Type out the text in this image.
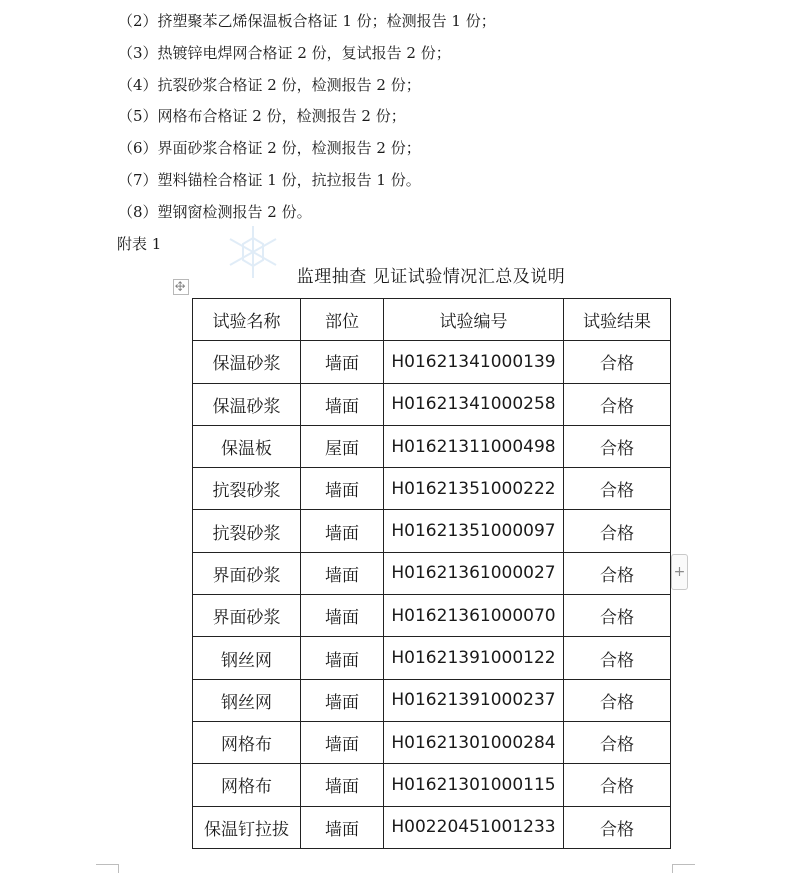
（2）挤塑聚苯乙烯保温板合格证 1 份；检测报告 1 份；
（3）热镀锌电焊网合格证 2 份，复试报告 2 份；
（4）抗裂砂浆合格证 2 份，检测报告 2 份；
（5）网格布合格证 2 份，检测报告 2 份；
（6）界面砂浆合格证 2 份，检测报告 2 份；
（7）塑料锚栓合格证 1 份，抗拉报告 1 份。
（8）塑钢窗检测报告 2 份。
附表 1
监理抽查 见证试验情况汇总及说明
试验名称	部位	试验编号	试验结果
保温砂浆	墙面	H01621341000139	合格
保温砂浆	墙面	H01621341000258	合格
保温板	屋面	H01621311000498	合格
抗裂砂浆	墙面	H01621351000222	合格
抗裂砂浆	墙面	H01621351000097	合格
界面砂浆	墙面	H01621361000027	合格
界面砂浆	墙面	H01621361000070	合格
钢丝网	墙面	H01621391000122	合格
钢丝网	墙面	H01621391000237	合格
网格布	墙面	H01621301000284	合格
网格布	墙面	H01621301000115	合格
保温钉拉拔	墙面	H00220451001233	合格
+
